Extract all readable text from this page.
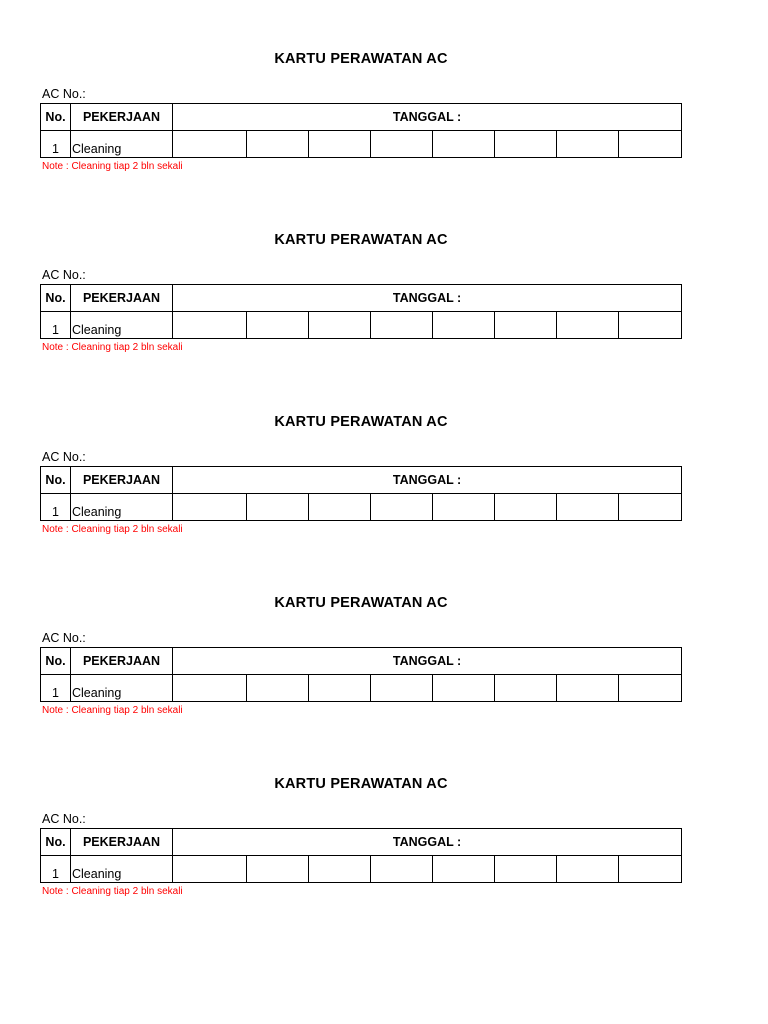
KARTU PERAWATAN AC
AC No.:
No.	PEKERJAAN	TANGGAL :
1	Cleaning
Note : Cleaning tiap 2 bln sekali
KARTU PERAWATAN AC
AC No.:
No.	PEKERJAAN	TANGGAL :
1	Cleaning
Note : Cleaning tiap 2 bln sekali
KARTU PERAWATAN AC
AC No.:
No.	PEKERJAAN	TANGGAL :
1	Cleaning
Note : Cleaning tiap 2 bln sekali
KARTU PERAWATAN AC
AC No.:
No.	PEKERJAAN	TANGGAL :
1	Cleaning
Note : Cleaning tiap 2 bln sekali
KARTU PERAWATAN AC
AC No.:
No.	PEKERJAAN	TANGGAL :
1	Cleaning
Note : Cleaning tiap 2 bln sekali
